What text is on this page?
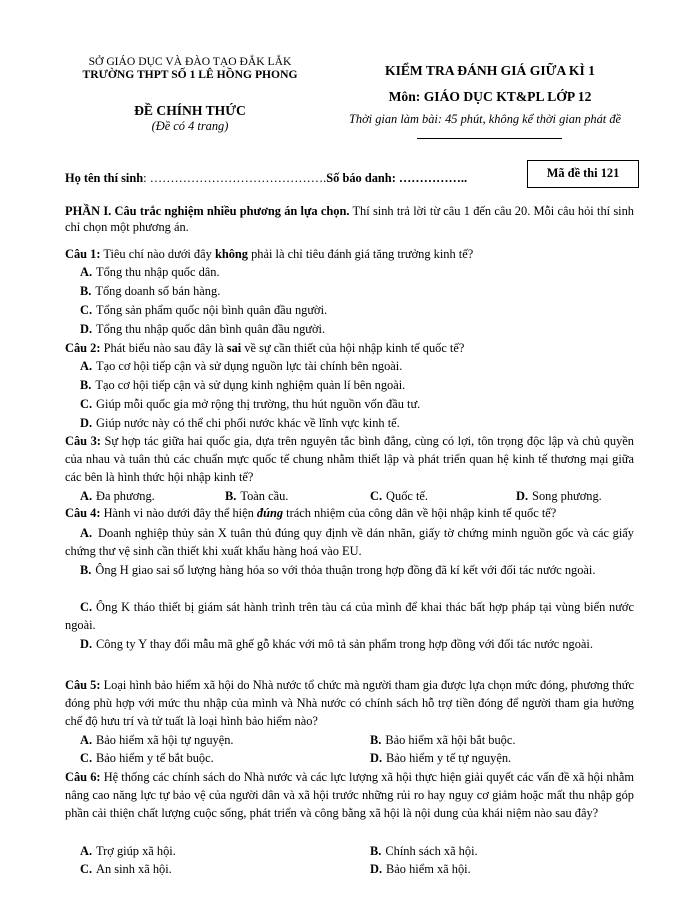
SỞ GIÁO DỤC VÀ ĐÀO TẠO ĐẮK LẮK
TRƯỜNG THPT SỐ 1 LÊ HỒNG PHONG
ĐỀ CHÍNH THỨC
(Đề có 4 trang)
KIỂM TRA ĐÁNH GIÁ GIỮA KÌ 1
Môn: GIÁO DỤC KT&PL LỚP 12
Thời gian làm bài: 45 phút, không kể thời gian phát đề
Họ tên thí sinh: …………………………………….Số báo danh: ……………..	Mã đề thi 121
PHẦN I. Câu trắc nghiệm nhiều phương án lựa chọn. Thí sinh trả lời từ câu 1 đến câu 20. Mỗi câu hỏi thí sinh chỉ chọn một phương án.
Câu 1: Tiêu chí nào dưới đây không phải là chỉ tiêu đánh giá tăng trưởng kinh tế?
A. Tổng thu nhập quốc dân.
B. Tổng doanh số bán hàng.
C. Tổng sản phẩm quốc nội bình quân đầu người.
D. Tổng thu nhập quốc dân bình quân đầu người.
Câu 2: Phát biểu nào sau đây là sai về sự cần thiết của hội nhập kinh tế quốc tế?
A. Tạo cơ hội tiếp cận và sử dụng nguồn lực tài chính bên ngoài.
B. Tạo cơ hội tiếp cận và sử dụng kinh nghiệm quản lí bên ngoài.
C. Giúp mỗi quốc gia mở rộng thị trường, thu hút nguồn vốn đầu tư.
D. Giúp nước này có thể chi phối nước khác về lĩnh vực kinh tế.
Câu 3: Sự hợp tác giữa hai quốc gia, dựa trên nguyên tắc bình đẳng, cùng có lợi, tôn trọng độc lập và chủ quyền của nhau và tuân thủ các chuẩn mực quốc tế chung nhằm thiết lập và phát triển quan hệ kinh tế thương mại giữa các bên là hình thức hội nhập kinh tế?
A. Đa phương.	B. Toàn cầu.	C. Quốc tế.	D. Song phương.
Câu 4: Hành vi nào dưới đây thể hiện đúng trách nhiệm của công dân về hội nhập kinh tế quốc tế?
A. Doanh nghiệp thủy sản X tuân thủ đúng quy định về dán nhãn, giấy tờ chứng minh nguồn gốc và các giấy chứng thư vệ sinh cần thiết khi xuất khẩu hàng hoá vào EU.
B. Ông H giao sai số lượng hàng hóa so với thỏa thuận trong hợp đồng đã kí kết với đối tác nước ngoài.
C. Ông K tháo thiết bị giám sát hành trình trên tàu cá của mình để khai thác bất hợp pháp tại vùng biển nước ngoài.
D. Công ty Y thay đổi mẫu mã ghế gỗ khác với mô tả sản phẩm trong hợp đồng với đối tác nước ngoài.
Câu 5: Loại hình bảo hiểm xã hội do Nhà nước tổ chức mà người tham gia được lựa chọn mức đóng, phương thức đóng phù hợp với mức thu nhập của mình và Nhà nước có chính sách hỗ trợ tiền đóng để người tham gia hưởng chế độ hưu trí và tử tuất là loại hình bảo hiểm nào?
A. Bảo hiểm xã hội tự nguyện.	B. Bảo hiểm xã hội bắt buộc.
C. Bảo hiểm y tế bắt buộc.	D. Bảo hiểm y tế tự nguyện.
Câu 6: Hệ thống các chính sách do Nhà nước và các lực lượng xã hội thực hiện giải quyết các vấn đề xã hội nhằm nâng cao năng lực tự bảo vệ của người dân và xã hội trước những rủi ro hay nguy cơ giảm hoặc mất thu nhập góp phần cải thiện chất lượng cuộc sống, phát triển và công bằng xã hội là nội dung của khái niệm nào sau đây?
A. Trợ giúp xã hội.	B. Chính sách xã hội.
C. An sinh xã hội.	D. Bảo hiểm xã hội.
